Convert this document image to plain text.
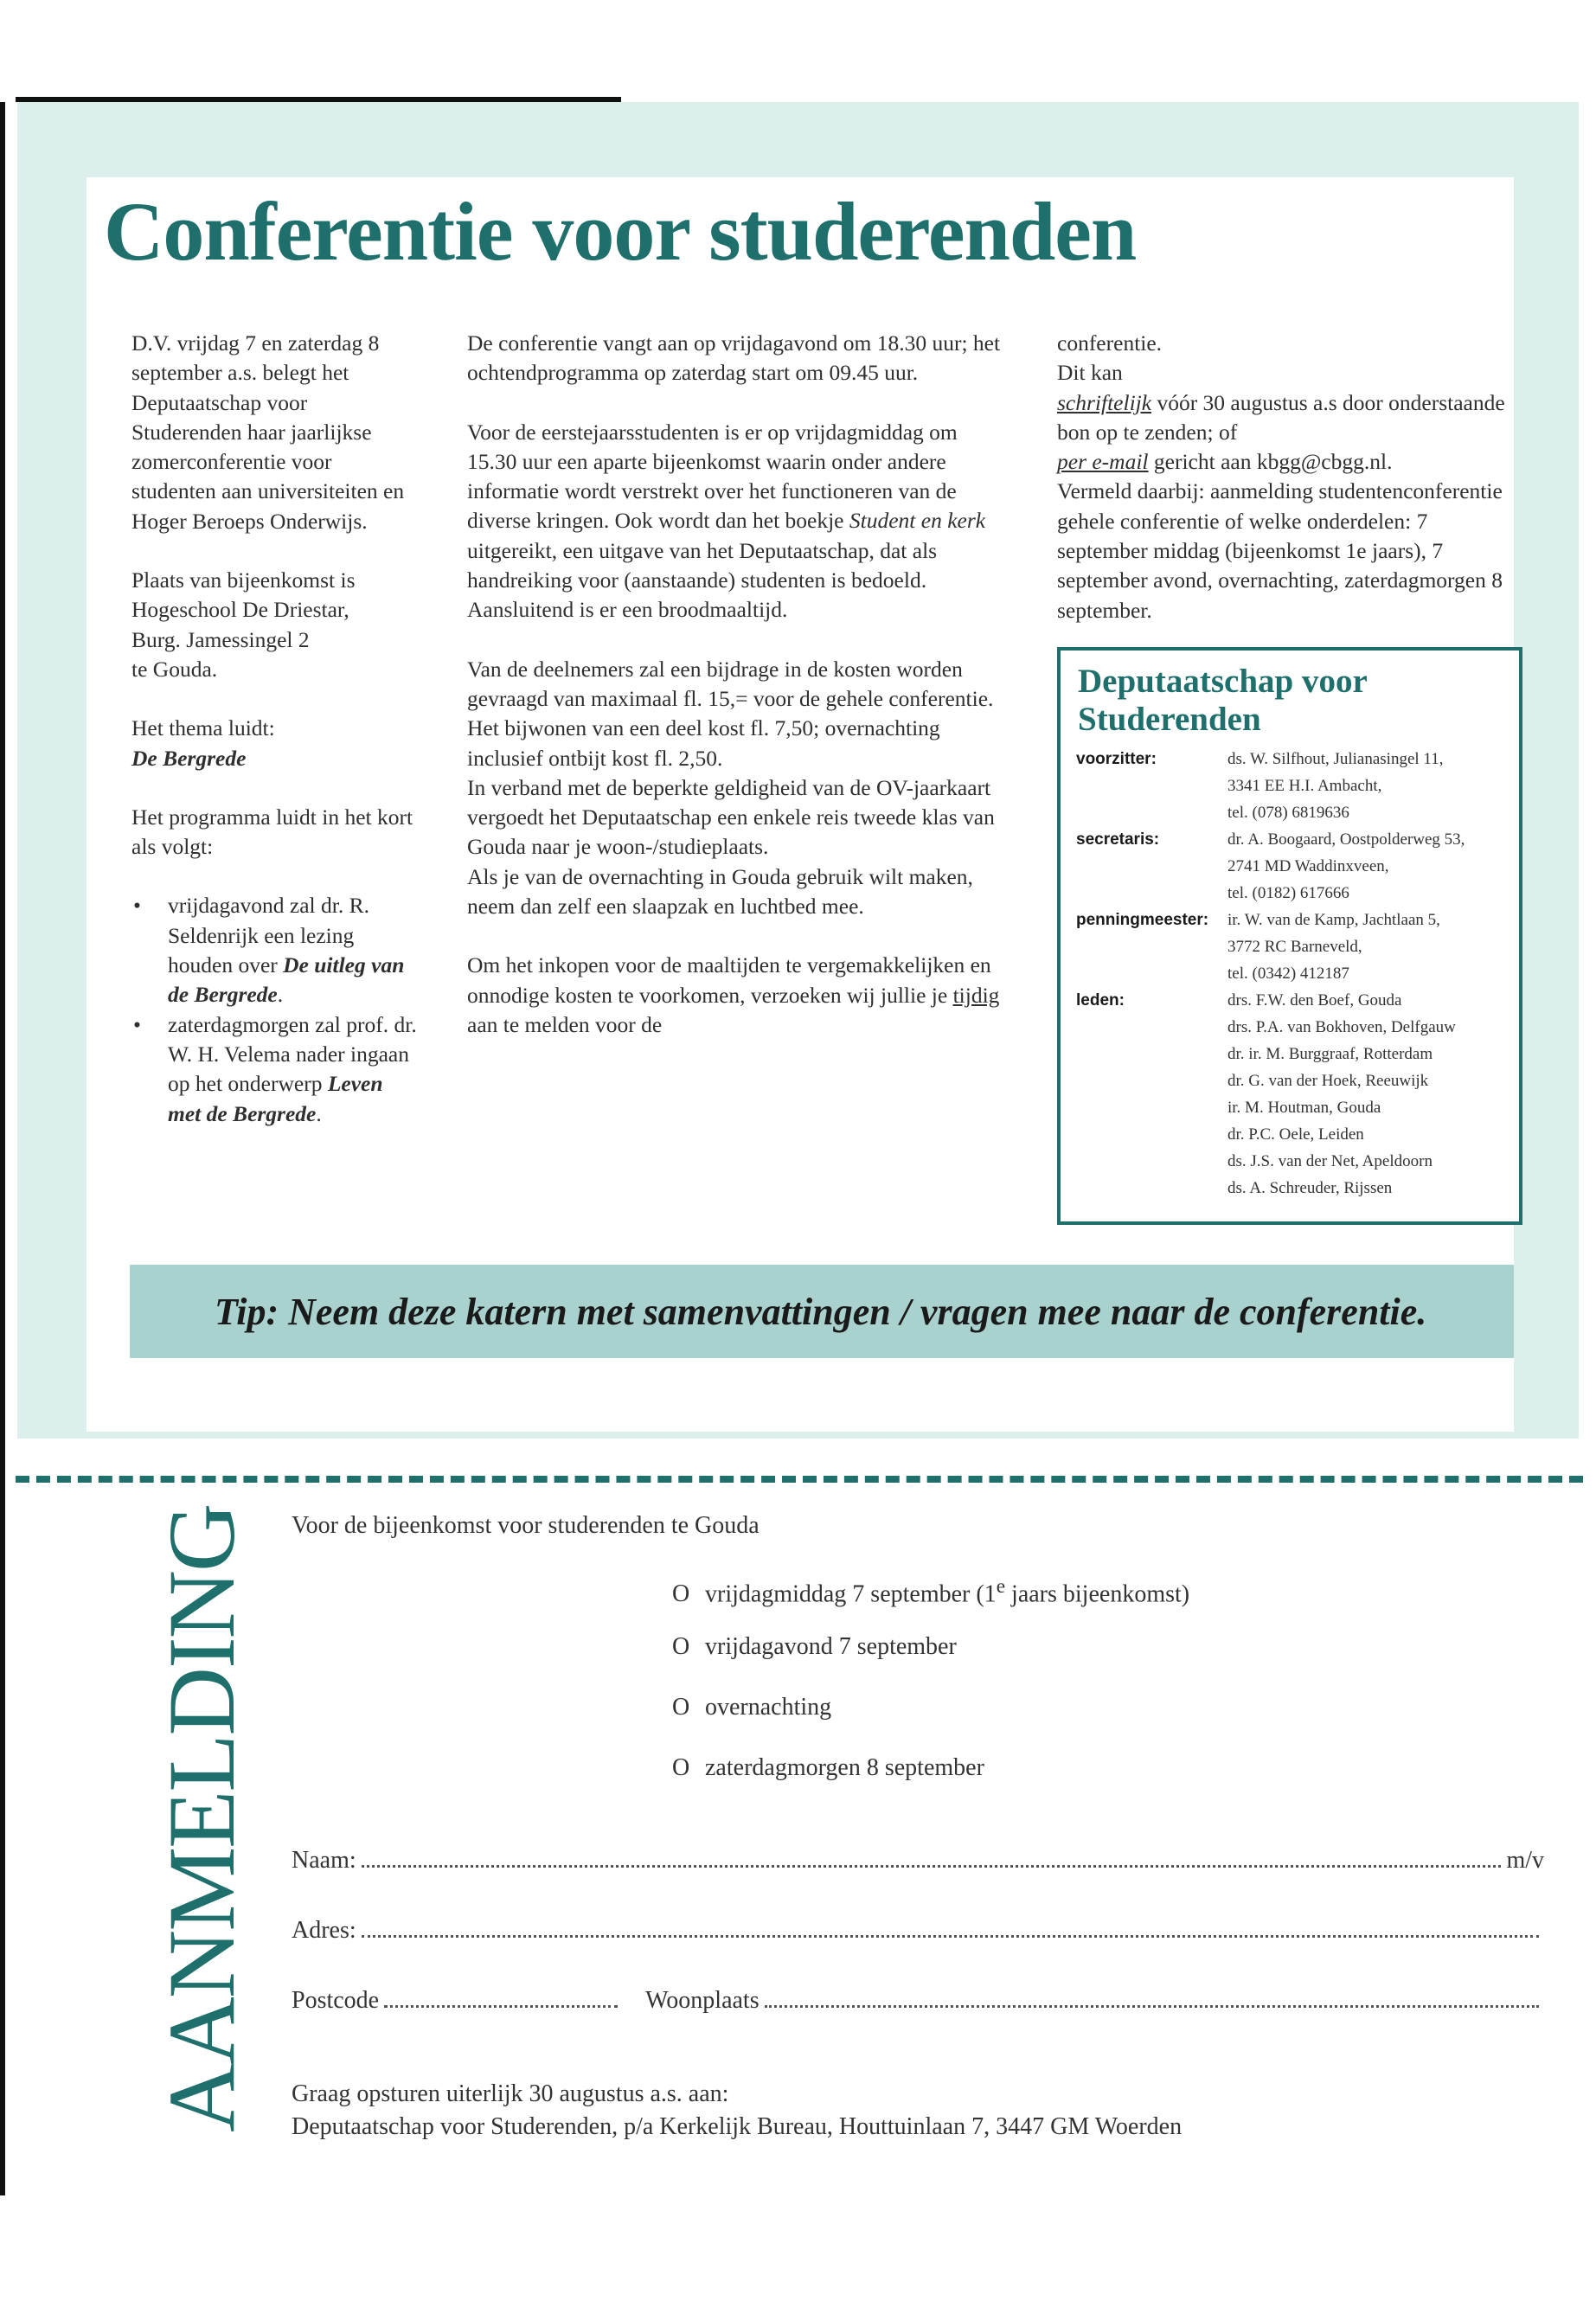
Conferentie voor studerenden

D.V. vrijdag 7 en zaterdag 8 september a.s. belegt het Deputaatschap voor Studerenden haar jaarlijkse zomerconferentie voor studenten aan universiteiten en Hoger Beroeps Onderwijs.

Plaats van bijeenkomst is
Hogeschool De Driestar,
Burg. Jamessingel 2
te Gouda.

Het thema luidt:
De Bergrede

Het programma luidt in het kort als volgt:

• vrijdagavond zal dr. R. Seldenrijk een lezing houden over De uitleg van de Bergrede.
• zaterdagmorgen zal prof. dr. W. H. Velema nader ingaan op het onderwerp Leven met de Bergrede.

De conferentie vangt aan op vrijdagavond om 18.30 uur; het ochtendprogramma op zaterdag start om 09.45 uur.

Voor de eerstejaarsstudenten is er op vrijdagmiddag om 15.30 uur een aparte bijeenkomst waarin onder andere informatie wordt verstrekt over het functioneren van de diverse kringen. Ook wordt dan het boekje Student en kerk uitgereikt, een uitgave van het Deputaatschap, dat als handreiking voor (aanstaande) studenten is bedoeld. Aansluitend is er een broodmaaltijd.

Van de deelnemers zal een bijdrage in de kosten worden gevraagd van maximaal fl. 15,= voor de gehele conferentie. Het bijwonen van een deel kost fl. 7,50; overnachting inclusief ontbijt kost fl. 2,50.
In verband met de beperkte geldigheid van de OV-jaarkaart vergoedt het Deputaatschap een enkele reis tweede klas van Gouda naar je woon-/studieplaats.
Als je van de overnachting in Gouda gebruik wilt maken, neem dan zelf een slaapzak en luchtbed mee.

Om het inkopen voor de maaltijden te vergemakkelijken en onnodige kosten te voorkomen, verzoeken wij jullie je tijdig aan te melden voor de

conferentie.
Dit kan
schriftelijk vóór 30 augustus a.s door onderstaande bon op te zenden; of
per e-mail gericht aan kbgg@cbgg.nl.
Vermeld daarbij: aanmelding studentenconferentie gehele conferentie of welke onderdelen: 7 september middag (bijeenkomst 1e jaars), 7 september avond, overnachting, zaterdagmorgen 8 september.
Deputaatschap voor Studerenden
voorzitter:	ds. W. Silfhout, Julianasingel 11,
3341 EE H.I. Ambacht,
tel. (078) 6819636
secretaris:	dr. A. Boogaard, Oostpolderweg 53,
2741 MD Waddinxveen,
tel. (0182) 617666
penningmeester:	ir. W. van de Kamp, Jachtlaan 5,
3772 RC Barneveld,
tel. (0342) 412187
leden:	drs. F.W. den Boef, Gouda
drs. P.A. van Bokhoven, Delfgauw
dr. ir. M. Burggraaf, Rotterdam
dr. G. van der Hoek, Reeuwijk
ir. M. Houtman, Gouda
dr. P.C. Oele, Leiden
ds. J.S. van der Net, Apeldoorn
ds. A. Schreuder, Rijssen
Tip: Neem deze katern met samenvattingen / vragen mee naar de conferentie.
AANMELDING Voor de bijeenkomst voor studerenden te Gouda
O vrijdagmiddag 7 september (1e jaars bijeenkomst)
O vrijdagavond 7 september
O overnachting
O zaterdagmorgen 8 september
Naam:	m/v
Adres:
Postcode	Woonplaats
Graag opsturen uiterlijk 30 augustus a.s. aan:
Deputaatschap voor Studerenden, p/a Kerkelijk Bureau, Houttuinlaan 7, 3447 GM Woerden
